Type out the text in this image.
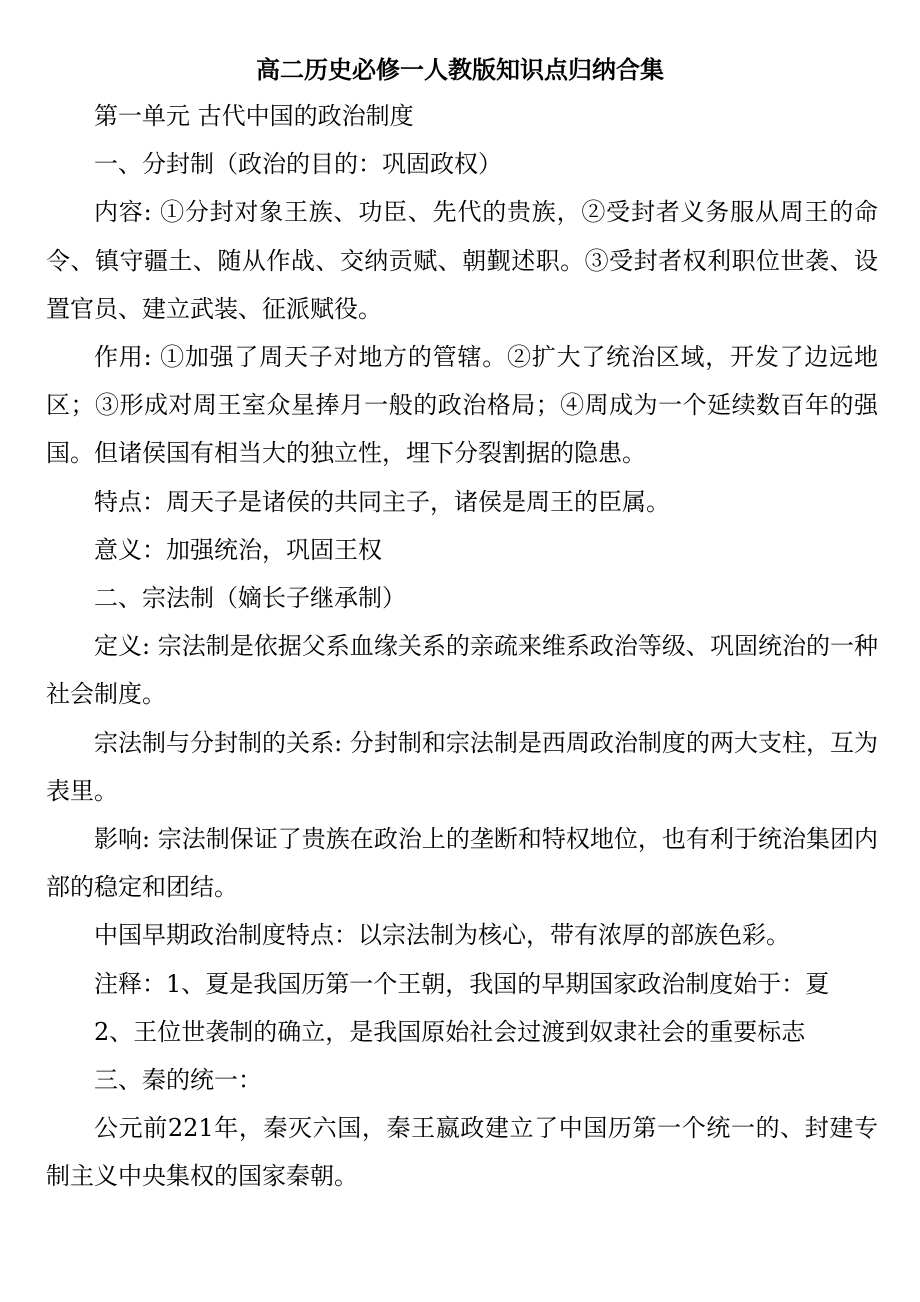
高二历史必修一人教版知识点归纳合集

第一单元 古代中国的政治制度

一、分封制（政治的目的：巩固政权）

内容: ①分封对象王族、功臣、先代的贵族，②受封者义务服从周王的命令、镇守疆土、随从作战、交纳贡赋、朝觐述职。③受封者权利职位世袭、设置官员、建立武装、征派赋役。

作用: ①加强了周天子对地方的管辖。②扩大了统治区域，开发了边远地区；③形成对周王室众星捧月一般的政治格局；④周成为一个延续数百年的强国。但诸侯国有相当大的独立性，埋下分裂割据的隐患。

特点：周天子是诸侯的共同主子，诸侯是周王的臣属。

意义：加强统治，巩固王权

二、宗法制（嫡长子继承制）

定义: 宗法制是依据父系血缘关系的亲疏来维系政治等级、巩固统治的一种社会制度。

宗法制与分封制的关系: 分封制和宗法制是西周政治制度的两大支柱，互为表里。

影响: 宗法制保证了贵族在政治上的垄断和特权地位，也有利于统治集团内部的稳定和团结。

中国早期政治制度特点：以宗法制为核心，带有浓厚的部族色彩。

注释：1、夏是我国历第一个王朝，我国的早期国家政治制度始于：夏

2、王位世袭制的确立，是我国原始社会过渡到奴隶社会的重要标志

三、秦的统一：

公元前221年，秦灭六国，秦王嬴政建立了中国历第一个统一的、封建专制主义中央集权的国家秦朝。
